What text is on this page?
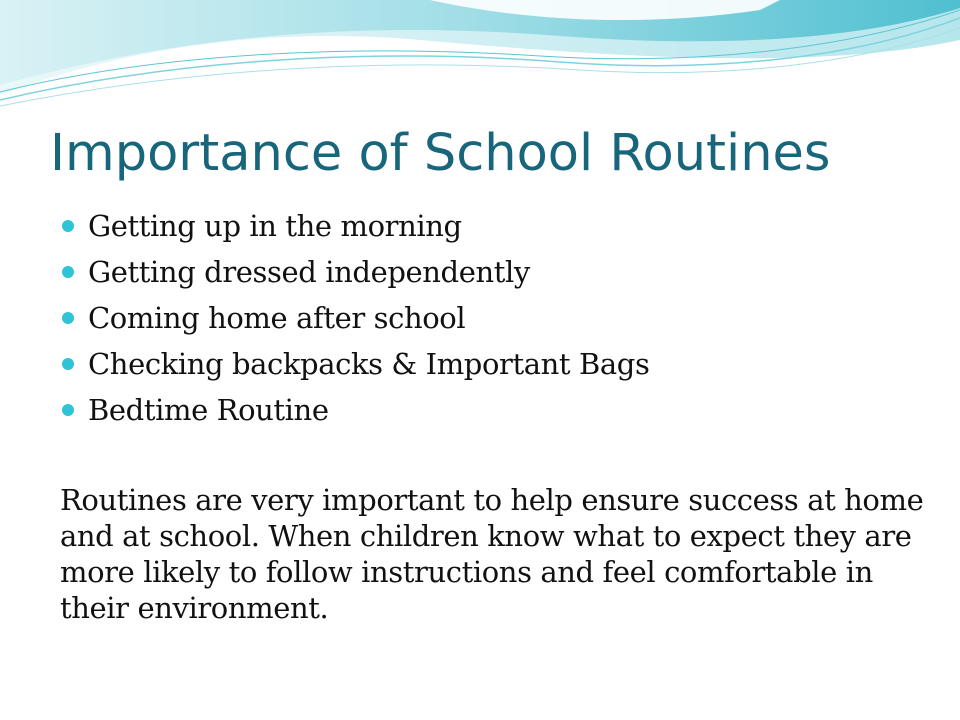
Importance of School Routines
Getting up in the morning
Getting dressed independently
Coming home after school
Checking backpacks & Important Bags
Bedtime Routine

Routines are very important to help ensure success at home and at school. When children know what to expect they are more likely to follow instructions and feel comfortable in their environment.
